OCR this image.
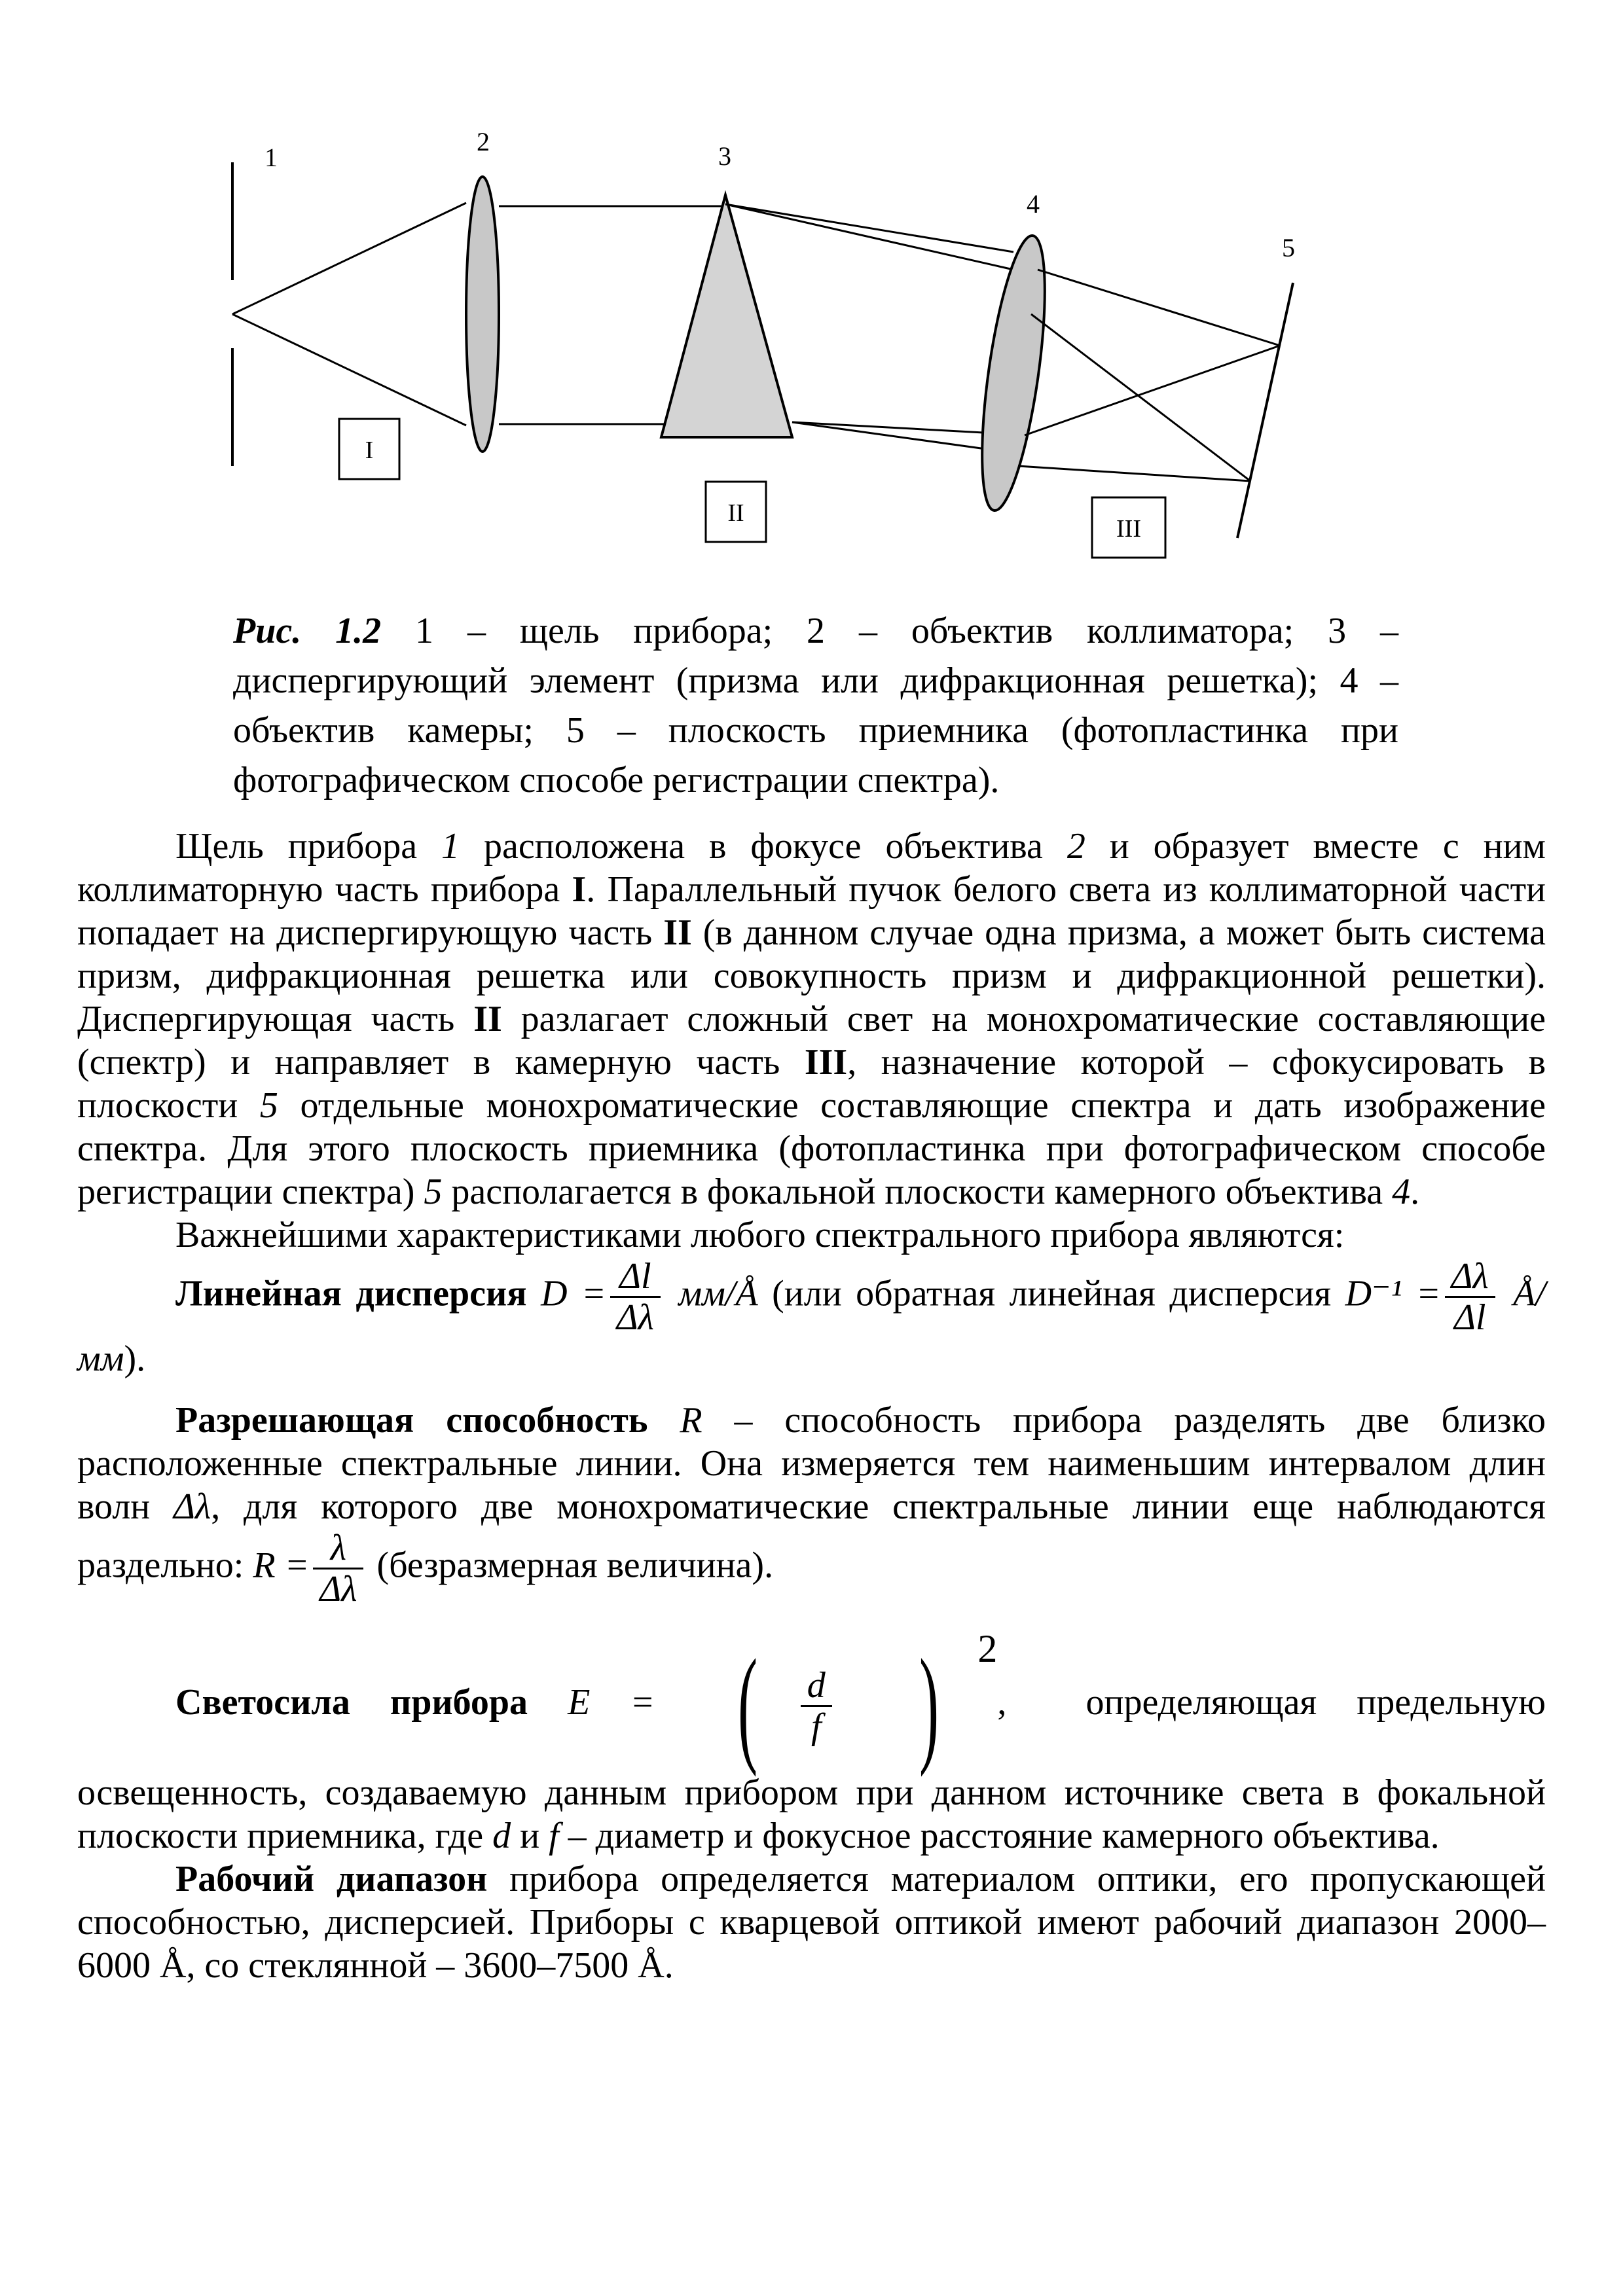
1
2	3
4
5
I
II
III
Рис. 1.2 1 – щель прибора; 2 – объектив коллиматора; 3 – диспергирующий элемент (призма или дифракционная решетка); 4 – объектив камеры; 5 – плоскость приемника (фотопластинка при фотографическом способе регистрации спектра).

Щель прибора 1 расположена в фокусе объектива 2 и образует вместе с ним коллиматорную часть прибора I. Параллельный пучок белого света из коллиматорной части попадает на диспергирующую часть II (в данном случае одна призма, а может быть система призм, дифракционная решетка или совокупность призм и дифракционной решетки). Диспергирующая часть II разлагает сложный свет на монохроматические составляющие (спектр) и направляет в камерную часть III, назначение которой – сфокусировать в плоскости 5 отдельные монохроматические составляющие спектра и дать изображение спектра. Для этого плоскость приемника (фотопластинка при фотографическом способе регистрации спектра) 5 располагается в фокальной плоскости камерного объектива 4.

Важнейшими характеристиками любого спектрального прибора являются:

Линейная дисперсия $D = \frac{\Delta l}{\Delta\lambda}$ мм/Å (или обратная линейная дисперсия $D^{-1} = \frac{\Delta\lambda}{\Delta l}$ Å/мм).

Разрешающая способность R – способность прибора разделять две близко расположенные спектральные линии. Она измеряется тем наименьшим интервалом длин волн Δλ, для которого две монохроматические спектральные линии еще наблюдаются раздельно: $R = \frac{\lambda}{\Delta\lambda}$ (безразмерная величина).

Светосила прибора E = ( $\frac{d}{f}$ ) $^2$, определяющая предельную освещенность, создаваемую данным прибором при данном источнике света в фокальной плоскости приемника, где d и f – диаметр и фокусное расстояние камерного объектива.

Рабочий диапазон прибора определяется материалом оптики, его пропускающей способностью, дисперсией. Приборы с кварцевой оптикой имеют рабочий диапазон 2000–6000 Å, со стеклянной – 3600–7500 Å.
